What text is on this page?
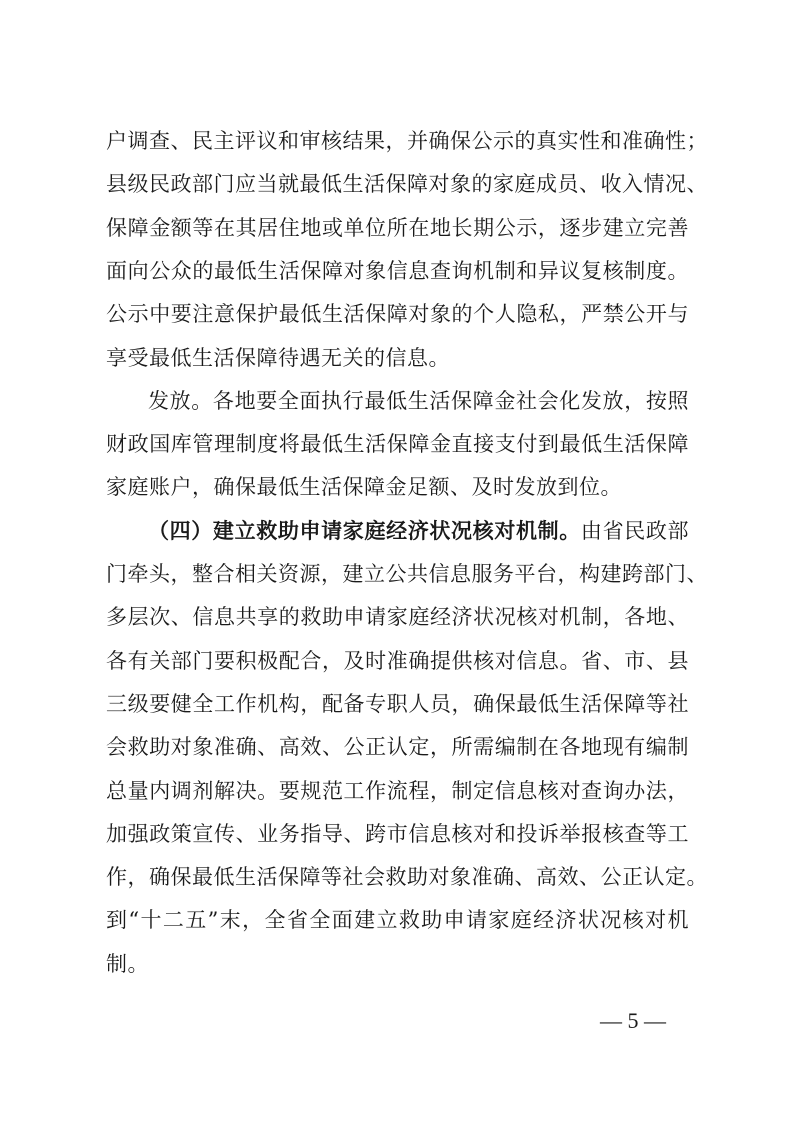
户调查、民主评议和审核结果，并确保公示的真实性和准确性；
县级民政部门应当就最低生活保障对象的家庭成员、收入情况、
保障金额等在其居住地或单位所在地长期公示，逐步建立完善
面向公众的最低生活保障对象信息查询机制和异议复核制度。
公示中要注意保护最低生活保障对象的个人隐私，严禁公开与
享受最低生活保障待遇无关的信息。
发放。各地要全面执行最低生活保障金社会化发放，按照
财政国库管理制度将最低生活保障金直接支付到最低生活保障
家庭账户，确保最低生活保障金足额、及时发放到位。
（四）建立救助申请家庭经济状况核对机制。由省民政部
门牵头，整合相关资源，建立公共信息服务平台，构建跨部门、
多层次、信息共享的救助申请家庭经济状况核对机制，各地、
各有关部门要积极配合，及时准确提供核对信息。省、市、县
三级要健全工作机构，配备专职人员，确保最低生活保障等社
会救助对象准确、高效、公正认定，所需编制在各地现有编制
总量内调剂解决。要规范工作流程，制定信息核对查询办法，
加强政策宣传、业务指导、跨市信息核对和投诉举报核查等工
作，确保最低生活保障等社会救助对象准确、高效、公正认定。
到“十二五”末，全省全面建立救助申请家庭经济状况核对机
制。
— 5 —
